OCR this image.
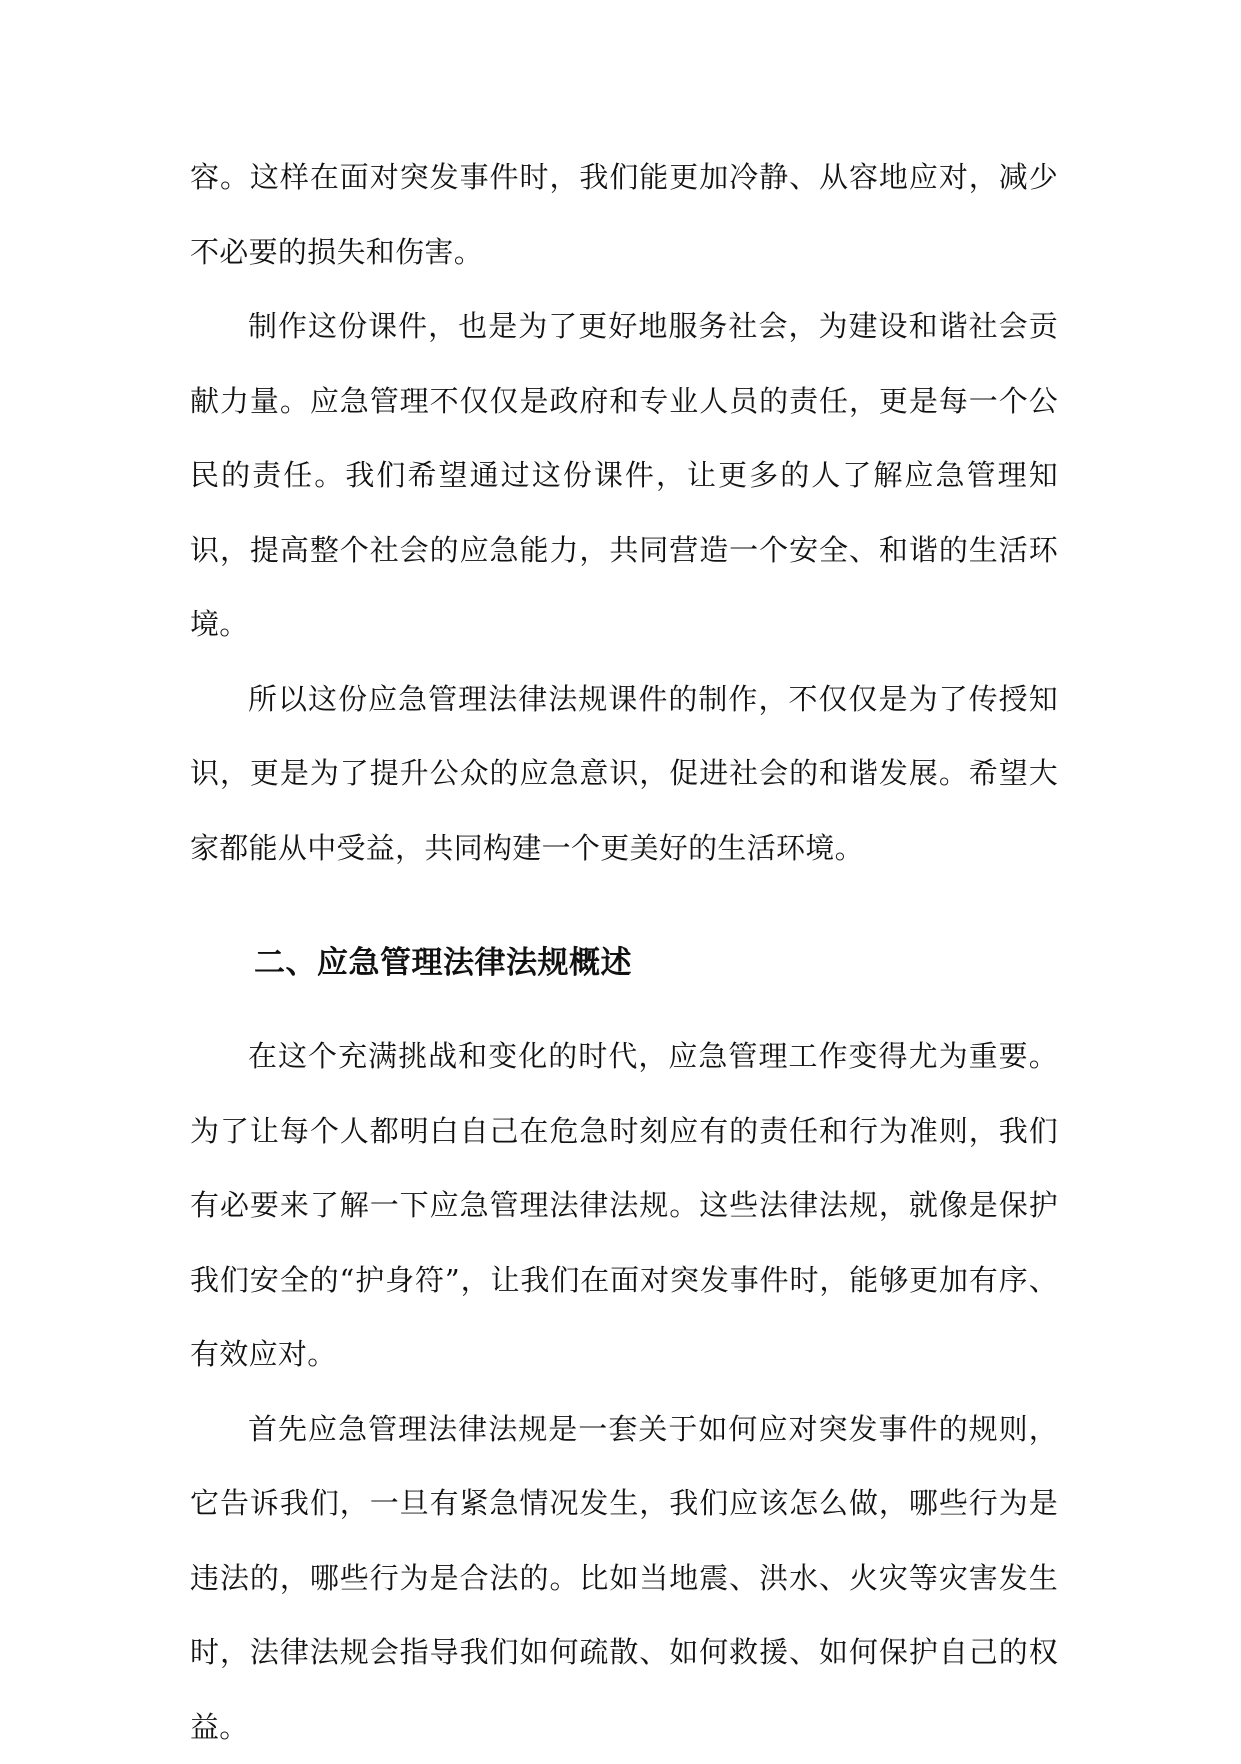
容。这样在面对突发事件时，我们能更加冷静、从容地应对，减少不必要的损失和伤害。

制作这份课件，也是为了更好地服务社会，为建设和谐社会贡献力量。应急管理不仅仅是政府和专业人员的责任，更是每一个公民的责任。我们希望通过这份课件，让更多的人了解应急管理知识，提高整个社会的应急能力，共同营造一个安全、和谐的生活环境。

所以这份应急管理法律法规课件的制作，不仅仅是为了传授知识，更是为了提升公众的应急意识，促进社会的和谐发展。希望大家都能从中受益，共同构建一个更美好的生活环境。

二、应急管理法律法规概述

在这个充满挑战和变化的时代，应急管理工作变得尤为重要。为了让每个人都明白自己在危急时刻应有的责任和行为准则，我们有必要来了解一下应急管理法律法规。这些法律法规，就像是保护我们安全的“护身符”，让我们在面对突发事件时，能够更加有序、有效应对。

首先应急管理法律法规是一套关于如何应对突发事件的规则，它告诉我们，一旦有紧急情况发生，我们应该怎么做，哪些行为是违法的，哪些行为是合法的。比如当地震、洪水、火灾等灾害发生时，法律法规会指导我们如何疏散、如何救援、如何保护自己的权益。
